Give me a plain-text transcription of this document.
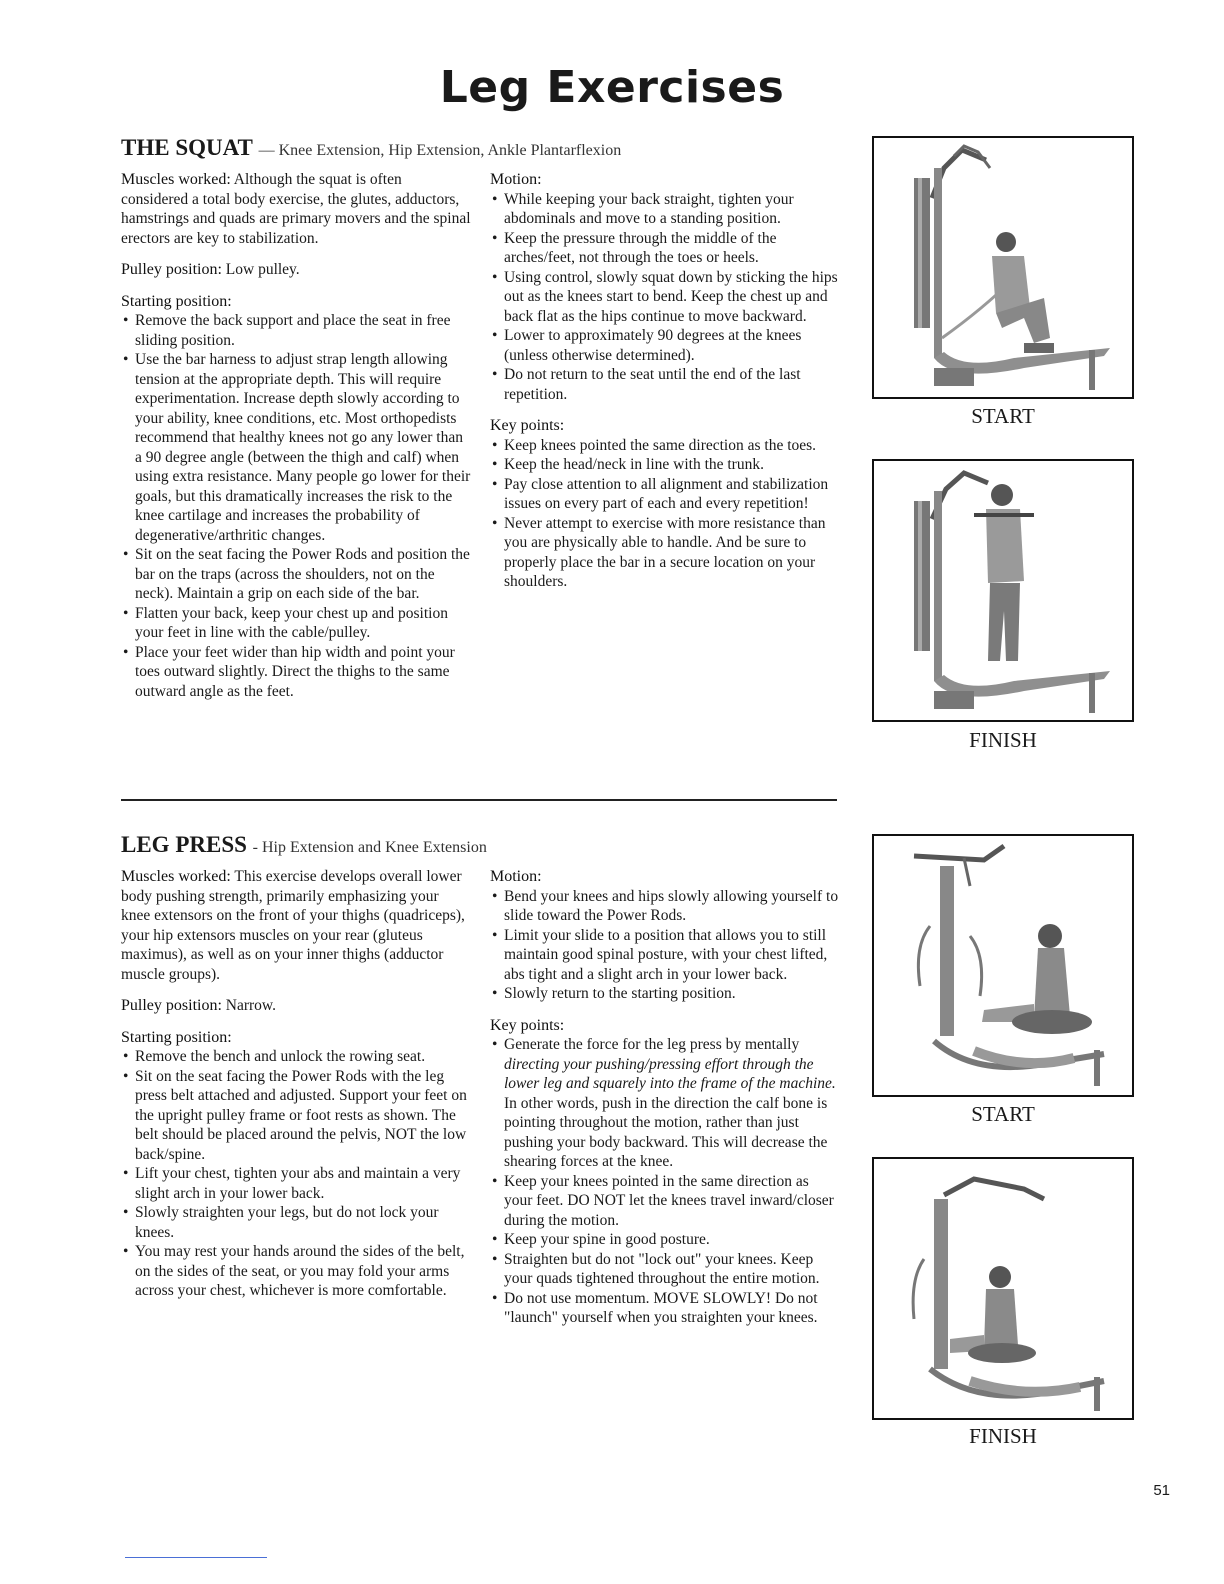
Leg Exercises
THE SQUAT — Knee Extension, Hip Extension, Ankle Plantarflexion

Muscles worked: Although the squat is often considered a total body exercise, the glutes, adductors, hamstrings and quads are primary movers and the spinal erectors are key to stabilization.

Pulley position: Low pulley.

Starting position:
• Remove the back support and place the seat in free sliding position.
• Use the bar harness to adjust strap length allowing tension at the appropriate depth. This will require experimentation. Increase depth slowly according to your ability, knee conditions, etc. Most orthopedists recommend that healthy knees not go any lower than a 90 degree angle (between the thigh and calf) when using extra resistance. Many people go lower for their goals, but this dramatically increases the risk to the knee cartilage and increases the probability of degenerative/arthritic changes.
• Sit on the seat facing the Power Rods and position the bar on the traps (across the shoulders, not on the neck). Maintain a grip on each side of the bar.
• Flatten your back, keep your chest up and position your feet in line with the cable/pulley.
• Place your feet wider than hip width and point your toes outward slightly. Direct the thighs to the same outward angle as the feet.
Motion:
• While keeping your back straight, tighten your abdominals and move to a standing position.
• Keep the pressure through the middle of the arches/feet, not through the toes or heels.
• Using control, slowly squat down by sticking the hips out as the knees start to bend. Keep the chest up and back flat as the hips continue to move backward.
• Lower to approximately 90 degrees at the knees (unless otherwise determined).
• Do not return to the seat until the end of the last repetition.
Key points:
• Keep knees pointed the same direction as the toes.
• Keep the head/neck in line with the trunk.
• Pay close attention to all alignment and stabilization issues on every part of each and every repetition!
• Never attempt to exercise with more resistance than you are physically able to handle. And be sure to properly place the bar in a secure location on your shoulders.
LEG PRESS - Hip Extension and Knee Extension

Muscles worked: This exercise develops overall lower body pushing strength, primarily emphasizing your knee extensors on the front of your thighs (quadriceps), your hip extensors muscles on your rear (gluteus maximus), as well as on your inner thighs (adductor muscle groups).

Pulley position: Narrow.

Starting position:
• Remove the bench and unlock the rowing seat.
• Sit on the seat facing the Power Rods with the leg press belt attached and adjusted. Support your feet on the upright pulley frame or foot rests as shown. The belt should be placed around the pelvis, NOT the low back/spine.
• Lift your chest, tighten your abs and maintain a very slight arch in your lower back.
• Slowly straighten your legs, but do not lock your knees.
• You may rest your hands around the sides of the belt, on the sides of the seat, or you may fold your arms across your chest, whichever is more comfortable.
Motion:
• Bend your knees and hips slowly allowing yourself to slide toward the Power Rods.
• Limit your slide to a position that allows you to still maintain good spinal posture, with your chest lifted, abs tight and a slight arch in your lower back.
• Slowly return to the starting position.
Key points:
• Generate the force for the leg press by mentally directing your pushing/pressing effort through the lower leg and squarely into the frame of the machine. In other words, push in the direction the calf bone is pointing throughout the motion, rather than just pushing your body backward. This will decrease the shearing forces at the knee.
• Keep your knees pointed in the same direction as your feet. DO NOT let the knees travel inward/closer during the motion.
• Keep your spine in good posture.
• Straighten but do not "lock out" your knees. Keep your quads tightened throughout the entire motion.
• Do not use momentum. MOVE SLOWLY! Do not "launch" yourself when you straighten your knees.
START
FINISH
START
FINISH
51
